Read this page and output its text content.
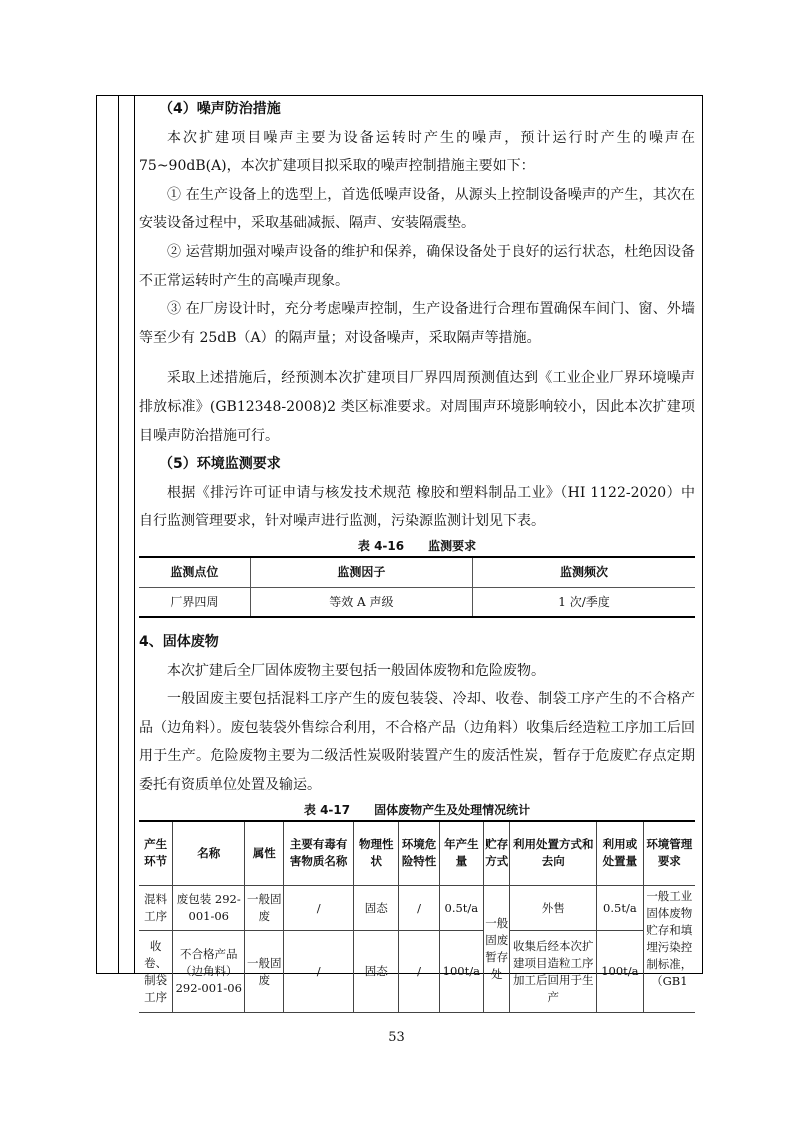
（4）噪声防治措施

本次扩建项目噪声主要为设备运转时产生的噪声，预计运行时产生的噪声在75~90dB(A)，本次扩建项目拟采取的噪声控制措施主要如下：

① 在生产设备上的选型上，首选低噪声设备，从源头上控制设备噪声的产生，其次在安装设备过程中，采取基础减振、隔声、安装隔震垫。

② 运营期加强对噪声设备的维护和保养，确保设备处于良好的运行状态，杜绝因设备不正常运转时产生的高噪声现象。

③ 在厂房设计时，充分考虑噪声控制，生产设备进行合理布置确保车间门、窗、外墙等至少有 25dB（A）的隔声量；对设备噪声，采取隔声等措施。

采取上述措施后，经预测本次扩建项目厂界四周预测值达到《工业企业厂界环境噪声排放标准》(GB12348-2008)2 类区标准要求。对周围声环境影响较小，因此本次扩建项目噪声防治措施可行。

（5）环境监测要求

根据《排污许可证申请与核发技术规范 橡胶和塑料制品工业》（HI 1122-2020）中自行监测管理要求，针对噪声进行监测，污染源监测计划见下表。

表 4-16　　监测要求

监测点位	监测因子	监测频次
厂界四周	等效 A 声级	1 次/季度

4、固体废物

本次扩建后全厂固体废物主要包括一般固体废物和危险废物。

一般固废主要包括混料工序产生的废包装袋、冷却、收卷、制袋工序产生的不合格产品（边角料）。废包装袋外售综合利用，不合格产品（边角料）收集后经造粒工序加工后回用于生产。危险废物主要为二级活性炭吸附装置产生的废活性炭，暂存于危废贮存点定期委托有资质单位处置及输运。

表 4-17　　固体废物产生及处理情况统计

产生环节	名称	属性	主要有毒有害物质名称	物理性状	环境危险特性	年产生量	贮存方式	利用处置方式和去向	利用或处置量	环境管理要求
混料工序	废包装 292-001-06	一般固废	/	固态	/	0.5t/a	一般固废暂存处	外售	0.5t/a	一般工业固体废物贮存和填埋污染控制标准，（GB1
收卷、制袋工序	不合格产品（边角料）292-001-06	一般固废	/	固态	/	100t/a		收集后经本次扩建项目造粒工序加工后回用于生产	100t/a	
53
